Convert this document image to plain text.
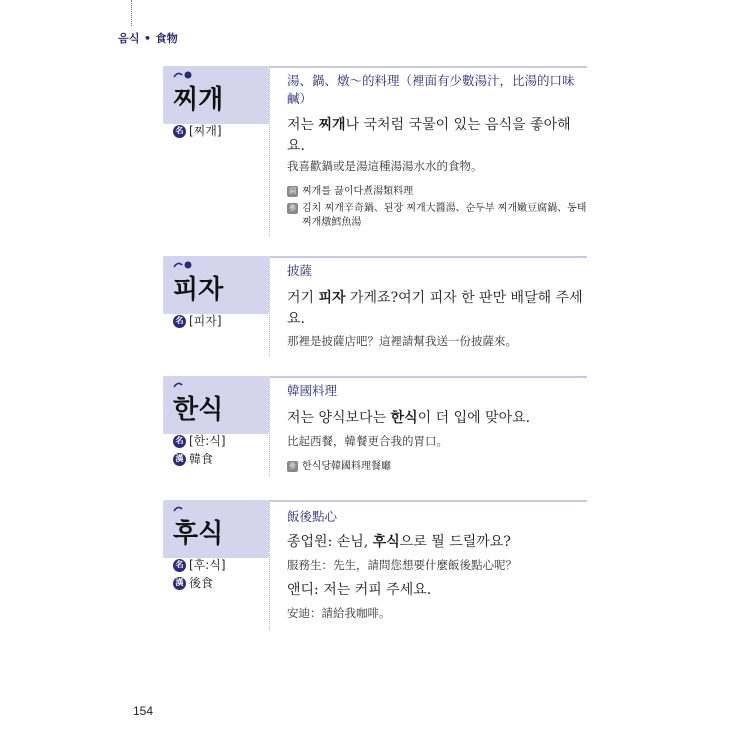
음식 • 食物
찌개
名 [찌개]
湯、鍋、燉～的料理（裡面有少數湯汁，比湯的口味鹹）
저는 찌개나 국처럼 국물이 있는 음식을 좋아해요.
我喜歡鍋或是湯這種湯湯水水的食物。
詞 찌개를 끓이다煮湯類料理
參 김치 찌개辛奇鍋、된장 찌개大醬湯、순두부 찌개嫩豆腐鍋、동태 찌개燉鱈魚湯
피자
名 [피자]
披薩
거기 피자 가게죠?여기 피자 한 판만 배달해 주세요.
那裡是披薩店吧？這裡請幫我送一份披薩來。
한식
名 [한:식]
漢 韓食
韓國料理
저는 양식보다는 한식이 더 입에 맞아요.
比起西餐，韓餐更合我的胃口。
參 한식당韓國料理餐廳
후식
名 [후:식]
漢 後食
飯後點心
종업원: 손님, 후식으로 뭘 드릴까요?
服務生：先生，請問您想要什麼飯後點心呢？
앤디: 저는 커피 주세요.
安迪：請給我咖啡。
154
